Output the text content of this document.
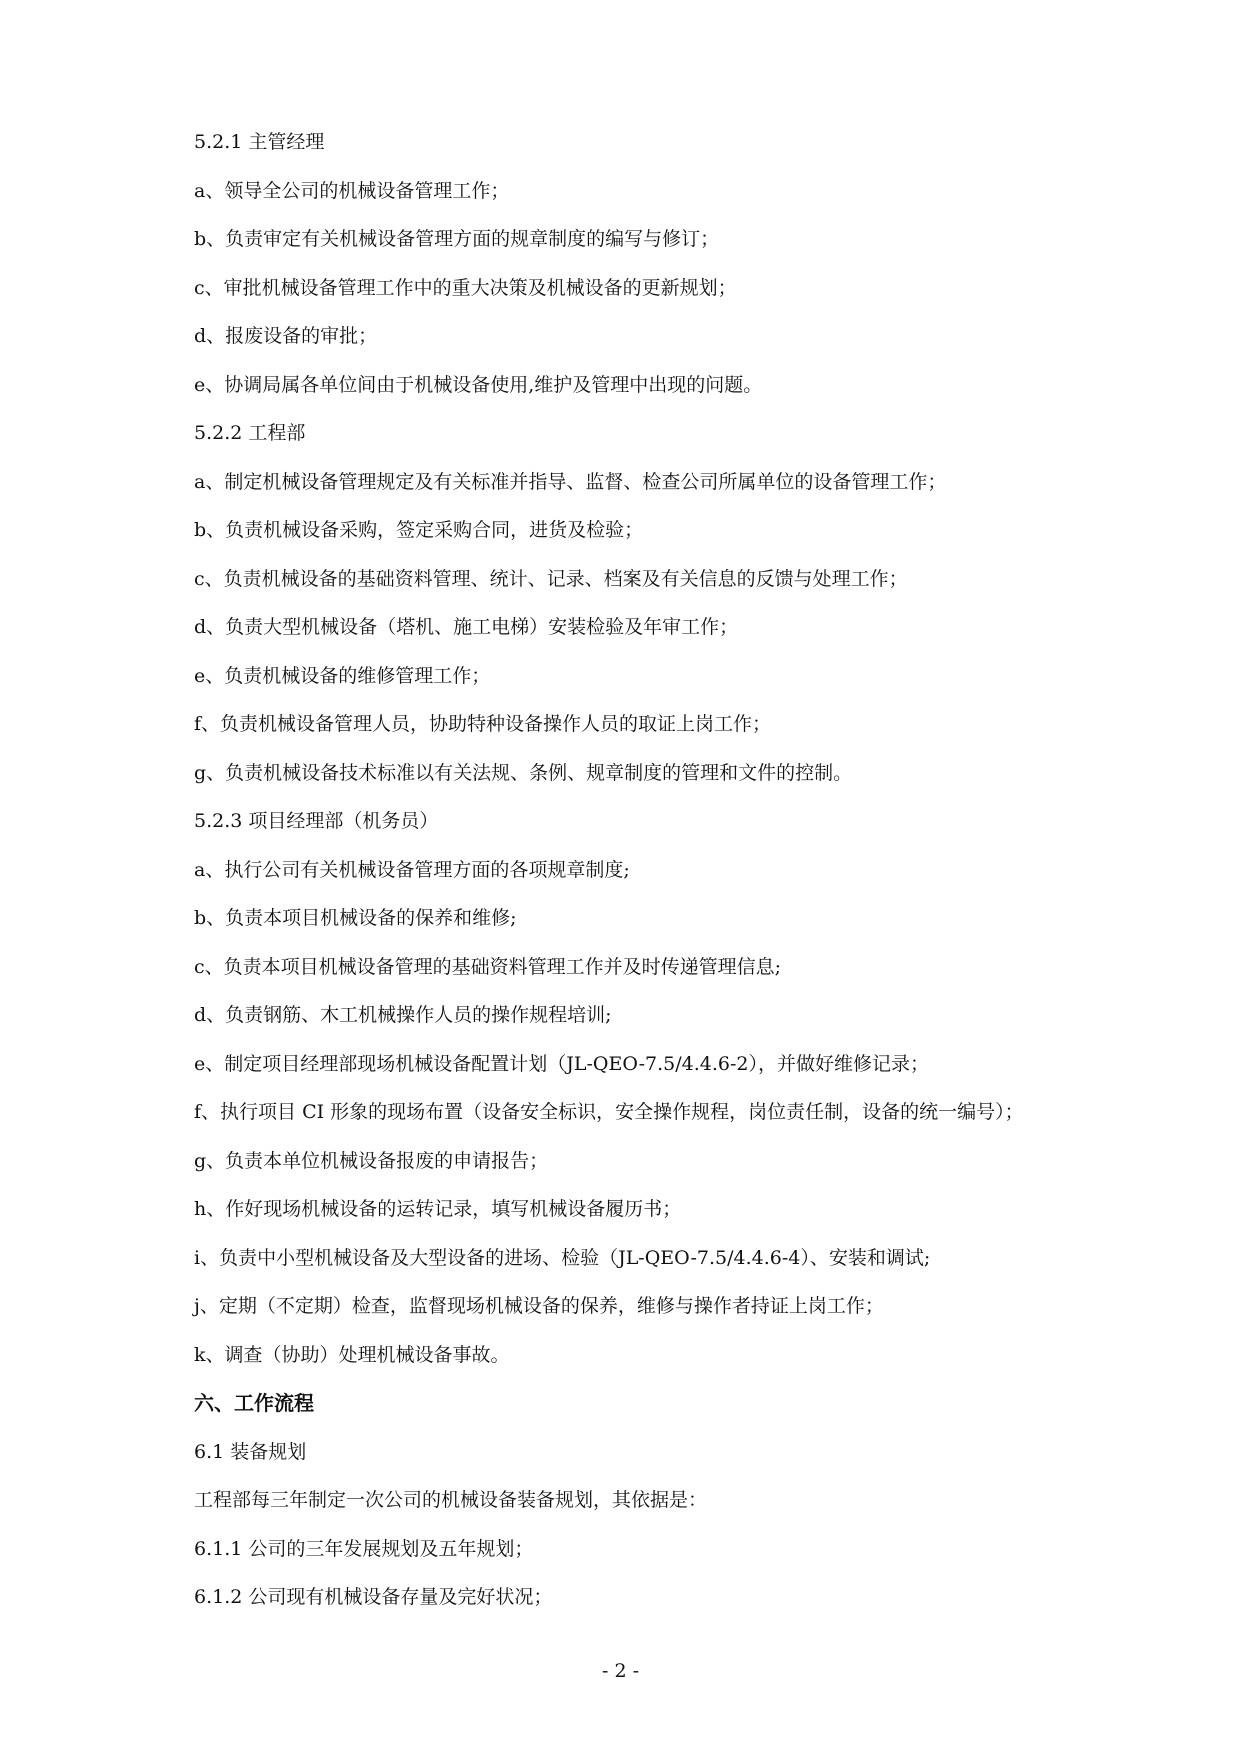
5.2.1 主管经理
a、领导全公司的机械设备管理工作；
b、负责审定有关机械设备管理方面的规章制度的编写与修订；
c、审批机械设备管理工作中的重大决策及机械设备的更新规划；
d、报废设备的审批；
e、协调局属各单位间由于机械设备使用,维护及管理中出现的问题。
5.2.2 工程部
a、制定机械设备管理规定及有关标准并指导、监督、检查公司所属单位的设备管理工作；
b、负责机械设备采购，签定采购合同，进货及检验；
c、负责机械设备的基础资料管理、统计、记录、档案及有关信息的反馈与处理工作；
d、负责大型机械设备（塔机、施工电梯）安装检验及年审工作；
e、负责机械设备的维修管理工作；
f、负责机械设备管理人员，协助特种设备操作人员的取证上岗工作；
g、负责机械设备技术标准以有关法规、条例、规章制度的管理和文件的控制。
5.2.3 项目经理部（机务员）
a、执行公司有关机械设备管理方面的各项规章制度;
b、负责本项目机械设备的保养和维修;
c、负责本项目机械设备管理的基础资料管理工作并及时传递管理信息;
d、负责钢筋、木工机械操作人员的操作规程培训;
e、制定项目经理部现场机械设备配置计划（JL-QEO-7.5/4.4.6-2），并做好维修记录；
f、执行项目 CI 形象的现场布置（设备安全标识，安全操作规程，岗位责任制，设备的统一编号）；
g、负责本单位机械设备报废的申请报告；
h、作好现场机械设备的运转记录，填写机械设备履历书；
i、负责中小型机械设备及大型设备的进场、检验（JL-QEO-7.5/4.4.6-4）、安装和调试;
j、定期（不定期）检查，监督现场机械设备的保养，维修与操作者持证上岗工作；
k、调查（协助）处理机械设备事故。
六、工作流程
6.1 装备规划
工程部每三年制定一次公司的机械设备装备规划，其依据是：
6.1.1 公司的三年发展规划及五年规划；
6.1.2 公司现有机械设备存量及完好状况；
- 2 -
